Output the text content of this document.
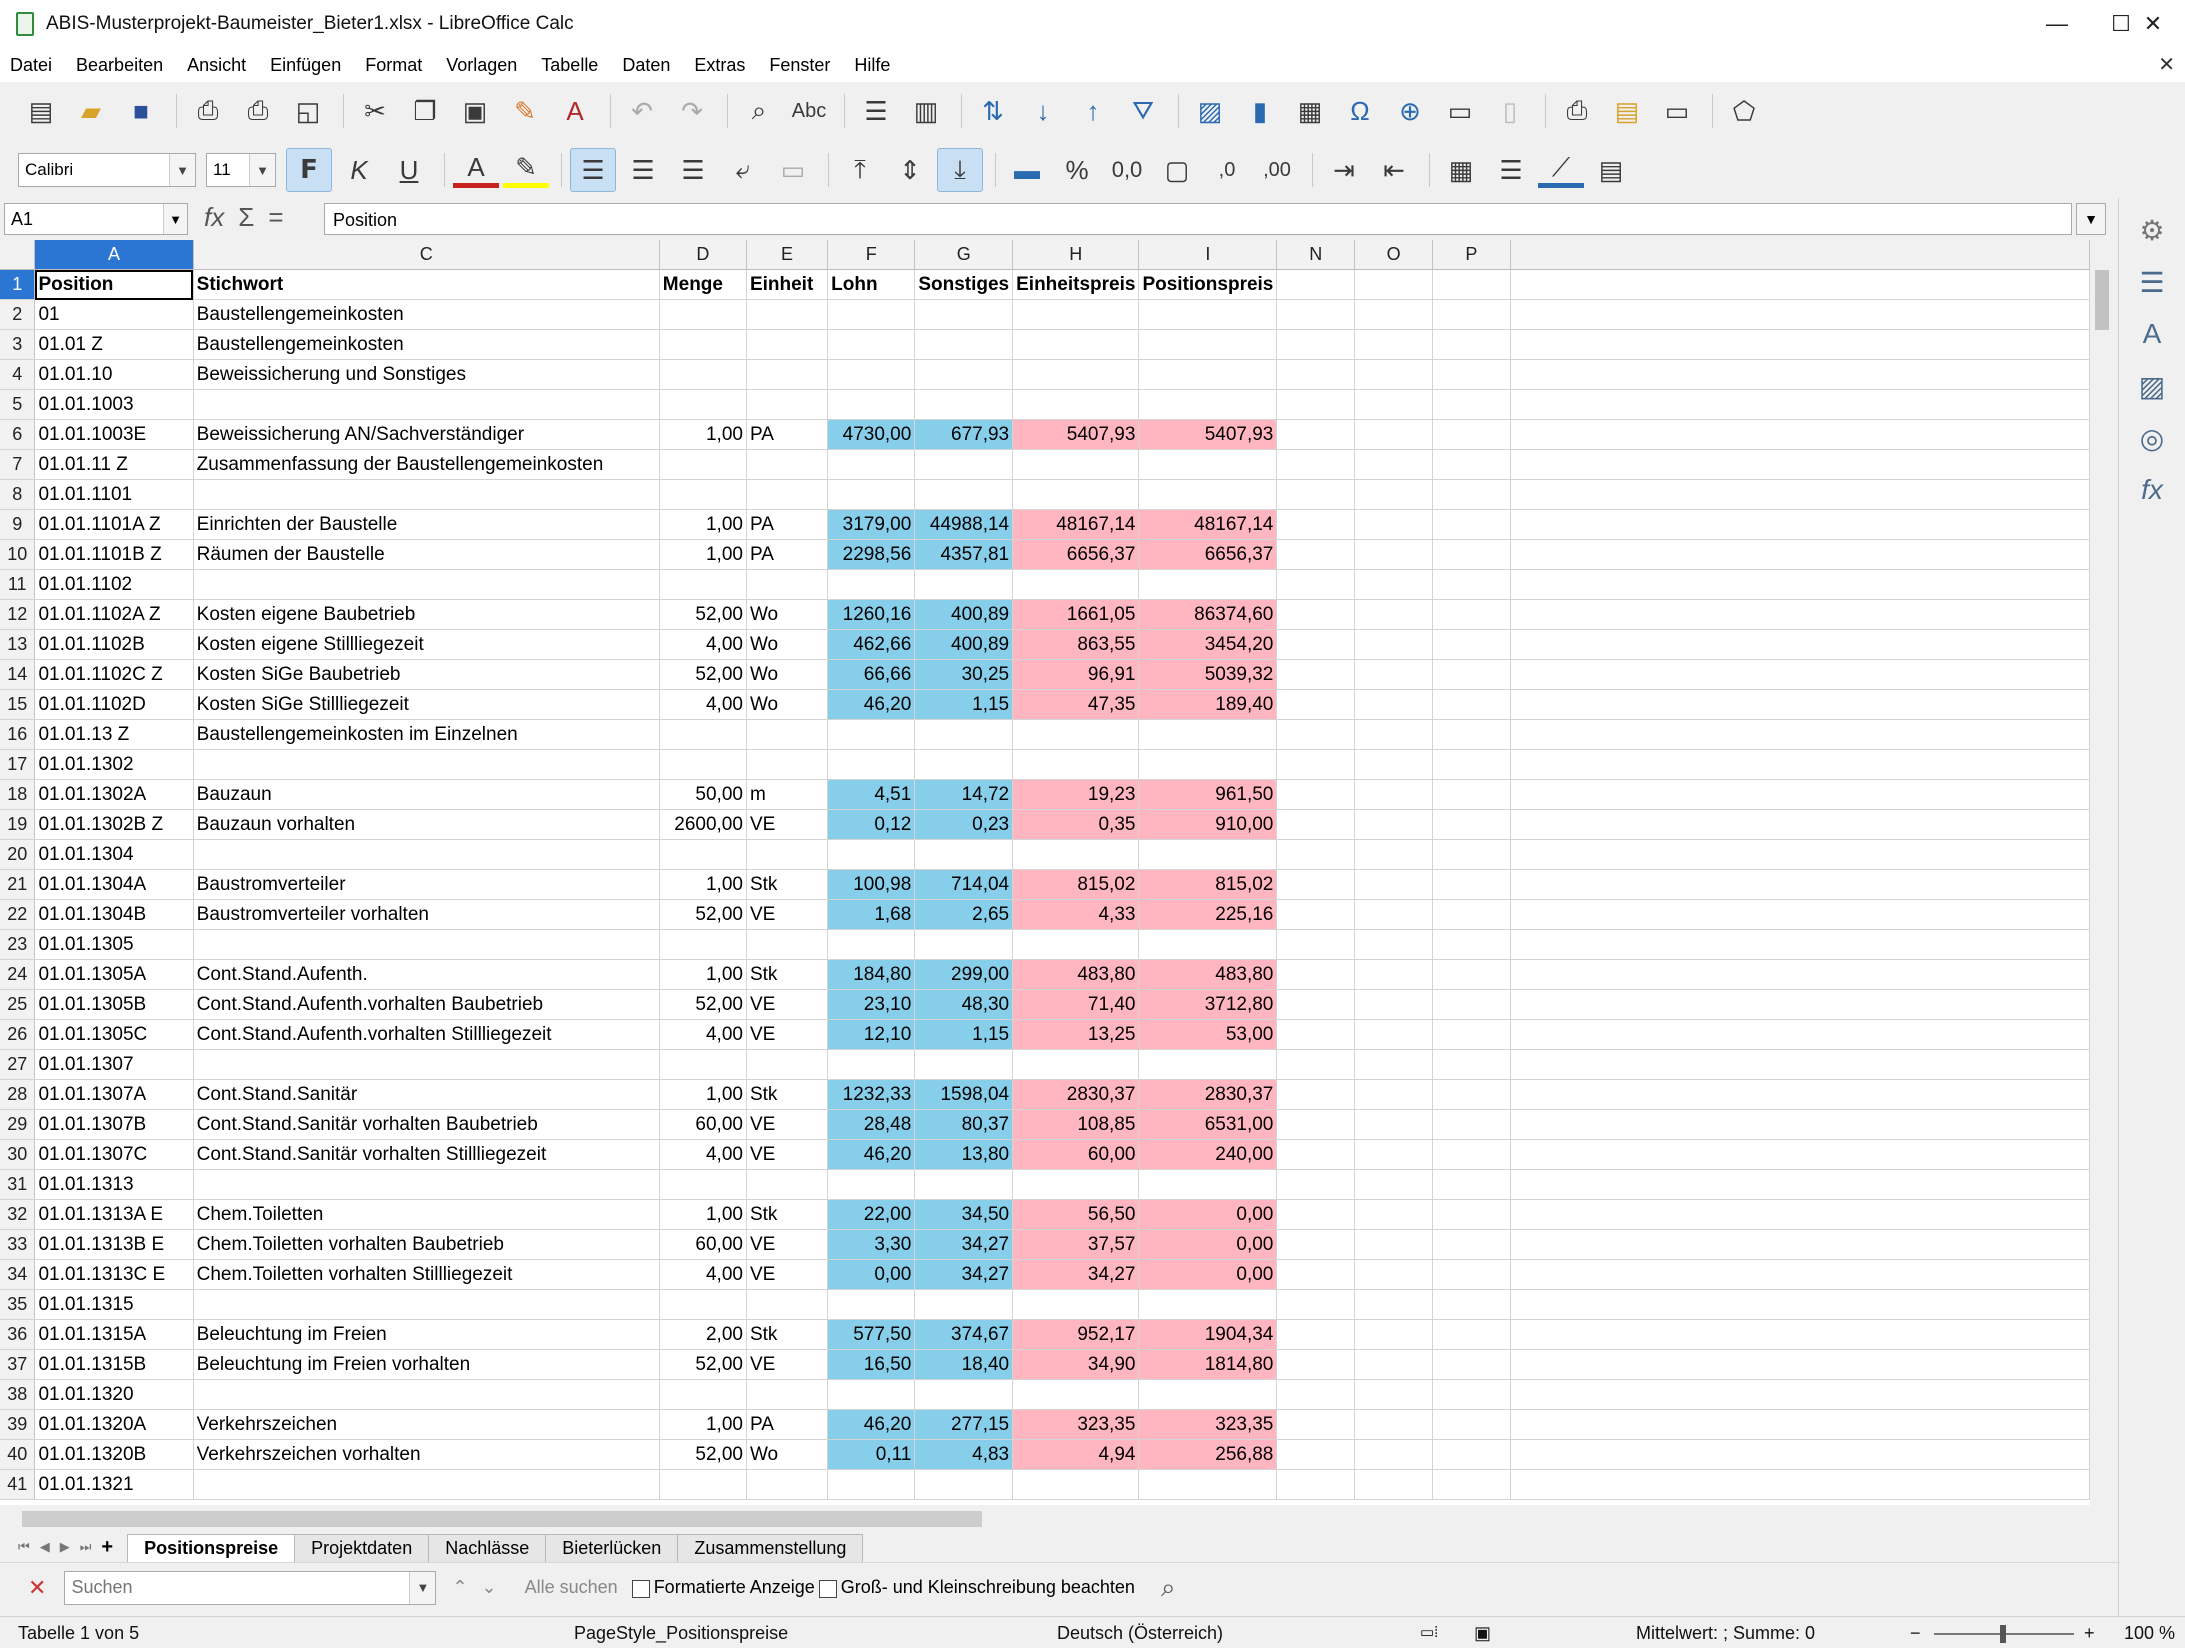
ABIS-Musterprojekt-Baumeister_Bieter1.xlsx - LibreOffice Calc	—	☐ ✕
Datei Bearbeiten Ansicht Einfügen Format Vorlagen Tabelle Daten Extras Fenster Hilfe	✕
▤	▰	■	⎙	⎙	◱	✂	❐	▣	✎	A	↶	↷	⌕	Abc	☰	▥	⇅	↓	↑	⛛	▨	▮	▦	Ω	⊕	▭	▯	⎙	▤ ▭	⬠
Calibri	▼	11	▼	F	K	U	A	✎	☰	☰	☰	⤶	▭	⤒	⇕	⤓	▬ %	0,0 ▢	,0	,00	⇥	⇤	▦	☰	⟋	▤
A1	▼ fx Σ =	Position	▼ ⚙
☰
A
▨
◎
fx
	A	C	D	E	F	G	H	I	N	O	P	
1	Position	Stichwort	Menge	Einheit	Lohn	Sonstiges	Einheitspreis	Positionspreis				
2	01	Baustellengemeinkosten										
3	01.01 Z	Baustellengemeinkosten										
4	01.01.10	Beweissicherung und Sonstiges										
5	01.01.1003											
6	01.01.1003E	Beweissicherung AN/Sachverständiger	1,00	PA	4730,00	677,93	5407,93	5407,93				
7	01.01.11 Z	Zusammenfassung der Baustellengemeinkosten										
8	01.01.1101											
9	01.01.1101A Z	Einrichten der Baustelle	1,00	PA	3179,00	44988,14	48167,14	48167,14				
10	01.01.1101B Z	Räumen der Baustelle	1,00	PA	2298,56	4357,81	6656,37	6656,37				
11	01.01.1102											
12	01.01.1102A Z	Kosten eigene Baubetrieb	52,00	Wo	1260,16	400,89	1661,05	86374,60				
13	01.01.1102B	Kosten eigene Stillliegezeit	4,00	Wo	462,66	400,89	863,55	3454,20				
14	01.01.1102C Z	Kosten SiGe Baubetrieb	52,00	Wo	66,66	30,25	96,91	5039,32				
15	01.01.1102D	Kosten SiGe Stillliegezeit	4,00	Wo	46,20	1,15	47,35	189,40				
16	01.01.13 Z	Baustellengemeinkosten im Einzelnen										
17	01.01.1302											
18	01.01.1302A	Bauzaun	50,00	m	4,51	14,72	19,23	961,50				
19	01.01.1302B Z	Bauzaun vorhalten	2600,00	VE	0,12	0,23	0,35	910,00				
20	01.01.1304											
21	01.01.1304A	Baustromverteiler	1,00	Stk	100,98	714,04	815,02	815,02				
22	01.01.1304B	Baustromverteiler vorhalten	52,00	VE	1,68	2,65	4,33	225,16				
23	01.01.1305											
24	01.01.1305A	Cont.Stand.Aufenth.	1,00	Stk	184,80	299,00	483,80	483,80				
25	01.01.1305B	Cont.Stand.Aufenth.vorhalten Baubetrieb	52,00	VE	23,10	48,30	71,40	3712,80				
26	01.01.1305C	Cont.Stand.Aufenth.vorhalten Stillliegezeit	4,00	VE	12,10	1,15	13,25	53,00				
27	01.01.1307											
28	01.01.1307A	Cont.Stand.Sanitär	1,00	Stk	1232,33	1598,04	2830,37	2830,37				
29	01.01.1307B	Cont.Stand.Sanitär vorhalten Baubetrieb	60,00	VE	28,48	80,37	108,85	6531,00				
30	01.01.1307C	Cont.Stand.Sanitär vorhalten Stillliegezeit	4,00	VE	46,20	13,80	60,00	240,00				
31	01.01.1313											
32	01.01.1313A E	Chem.Toiletten	1,00	Stk	22,00	34,50	56,50	0,00				
33	01.01.1313B E	Chem.Toiletten vorhalten Baubetrieb	60,00	VE	3,30	34,27	37,57	0,00				
34	01.01.1313C E	Chem.Toiletten vorhalten Stillliegezeit	4,00	VE	0,00	34,27	34,27	0,00				
35	01.01.1315											
36	01.01.1315A	Beleuchtung im Freien	2,00	Stk	577,50	374,67	952,17	1904,34				
37	01.01.1315B	Beleuchtung im Freien vorhalten	52,00	VE	16,50	18,40	34,90	1814,80				
38	01.01.1320											
39	01.01.1320A	Verkehrszeichen	1,00	PA	46,20	277,15	323,35	323,35				
40	01.01.1320B	Verkehrszeichen vorhalten	52,00	Wo	0,11	4,83	4,94	256,88				
41	01.01.1321											
⏮ ◀ ▶ ⏭ +	Positionspreise	Projektdaten	Nachlässe	Bieterlücken	Zusammenstellung
✕
Suchen	▼	⌃ ⌄ Alle suchen	Formatierte Anzeige	Groß- und Kleinschreibung beachten ⌕
Tabelle 1 von 5	PageStyle_Positionspreise	Deutsch (Österreich)	▭⁞ ▣	Mittelwert: ; Summe: 0	−	+ 100 %
